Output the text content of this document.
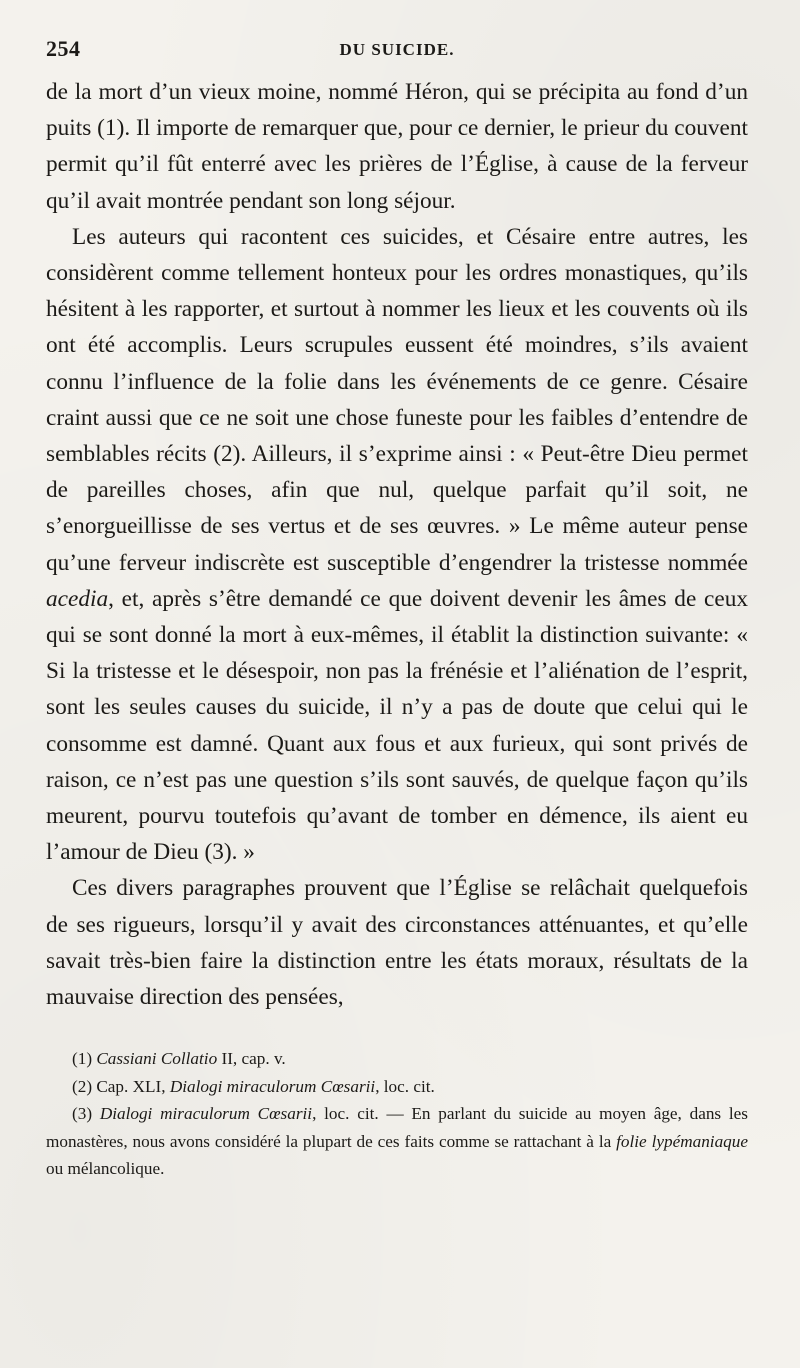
254	DU SUICIDE.

de la mort d’un vieux moine, nommé Héron, qui se précipita au fond d’un puits (1). Il importe de remarquer que, pour ce dernier, le prieur du couvent permit qu’il fût enterré avec les prières de l’Église, à cause de la ferveur qu’il avait montrée pendant son long séjour.

Les auteurs qui racontent ces suicides, et Césaire entre autres, les considèrent comme tellement honteux pour les ordres monastiques, qu’ils hésitent à les rapporter, et surtout à nommer les lieux et les couvents où ils ont été accomplis. Leurs scrupules eussent été moindres, s’ils avaient connu l’influence de la folie dans les événements de ce genre. Césaire craint aussi que ce ne soit une chose funeste pour les faibles d’entendre de semblables récits (2). Ailleurs, il s’exprime ainsi : « Peut-être Dieu permet de pareilles choses, afin que nul, quelque parfait qu’il soit, ne s’enorgueillisse de ses vertus et de ses œuvres. » Le même auteur pense qu’une ferveur indiscrète est susceptible d’engendrer la tristesse nommée acedia, et, après s’être demandé ce que doivent devenir les âmes de ceux qui se sont donné la mort à eux-mêmes, il établit la distinction suivante: « Si la tristesse et le désespoir, non pas la frénésie et l’aliénation de l’esprit, sont les seules causes du suicide, il n’y a pas de doute que celui qui le consomme est damné. Quant aux fous et aux furieux, qui sont privés de raison, ce n’est pas une question s’ils sont sauvés, de quelque façon qu’ils meurent, pourvu toutefois qu’avant de tomber en démence, ils aient eu l’amour de Dieu (3). »

Ces divers paragraphes prouvent que l’Église se relâchait quelquefois de ses rigueurs, lorsqu’il y avait des circonstances atténuantes, et qu’elle savait très-bien faire la distinction entre les états moraux, résultats de la mauvaise direction des pensées,

(1) Cassiani Collatio II, cap. v.

(2) Cap. XLI, Dialogi miraculorum Cœsarii, loc. cit.

(3) Dialogi miraculorum Cœsarii, loc. cit. — En parlant du suicide au moyen âge, dans les monastères, nous avons considéré la plupart de ces faits comme se rattachant à la folie lypémaniaque ou mélancolique.
